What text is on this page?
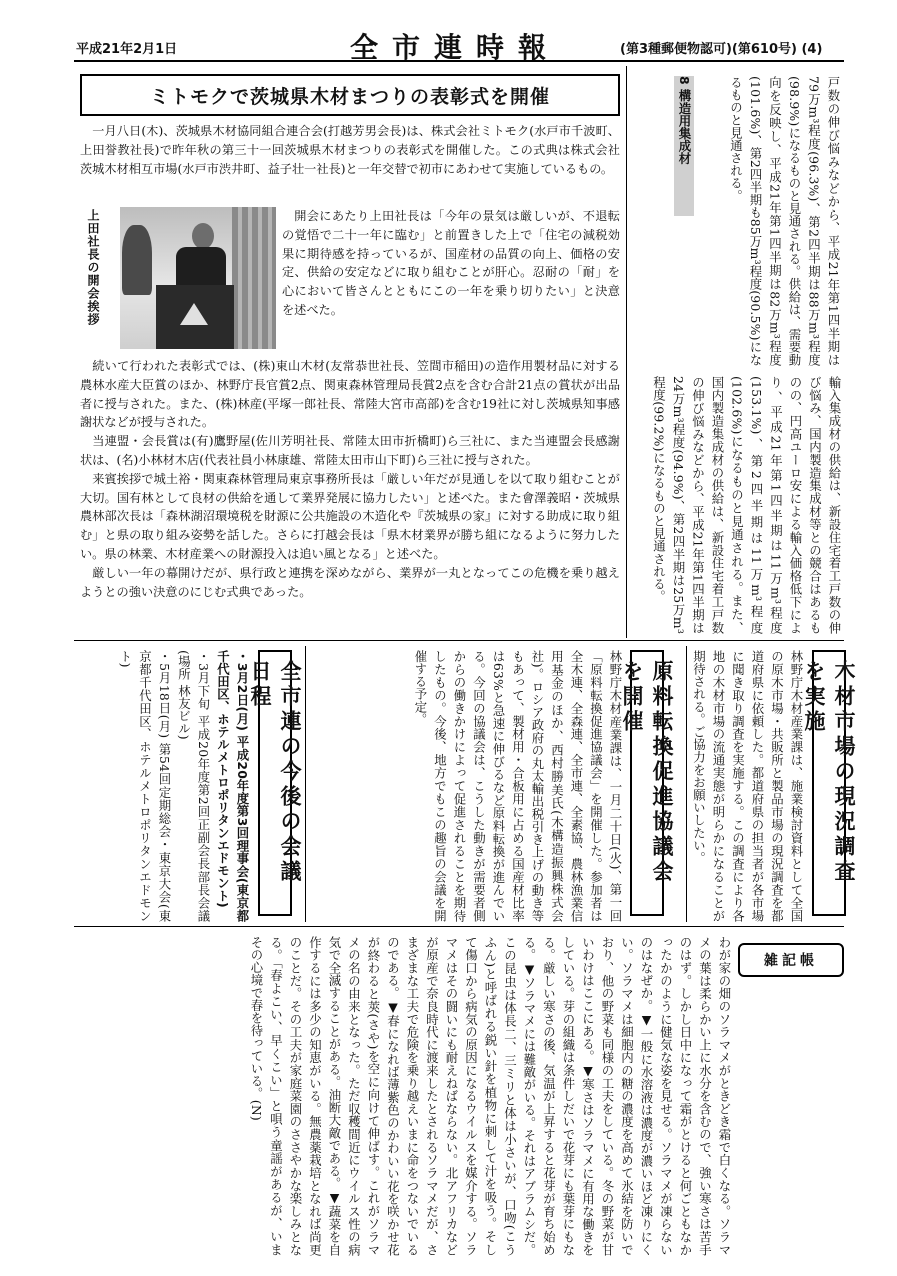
平成21年2月1日	全市連時報	(第3種郵便物認可)(第610号) (4)
ミトモクで茨城県木材まつりの表彰式を開催

一月八日(木)、茨城県木材協同組合連合会(打越芳男会長)は、株式会社ミトモク(水戸市千波町、上田誉教社長)で昨年秋の第三十一回茨城県木材まつりの表彰式を開催した。この式典は株式会社茨城木材相互市場(水戸市渋井町、益子壮一社長)と一年交替で初市にあわせて実施しているもの。

上田社長の開会挨拶	開会にあたり上田社長は「今年の景気は厳しいが、不退転の覚悟で二十一年に臨む」と前置きした上で「住宅の減税効果に期待感を持っているが、国産材の品質の向上、価格の安定、供給の安定などに取り組むことが肝心。忍耐の「耐」を心において皆さんとともにこの一年を乗り切りたい」と決意を述べた。

続いて行われた表彰式では、(株)東山木材(友常恭世社長、笠間市稲田)の造作用製材品に対する農林水産大臣賞のほか、林野庁長官賞2点、関東森林管理局長賞2点を含む合計21点の賞状が出品者に授与された。また、(株)林産(平塚一郎社長、常陸大宮市高部)を含む19社に対し茨城県知事感謝状などが授与された。

当連盟・会長賞は(有)鷹野屋(佐川芳明社長、常陸太田市折橋町)ら三社に、また当連盟会長感謝状は、(名)小林材木店(代表社員小林康雄、常陸太田市山下町)ら三社に授与された。

来賓挨拶で城土裕・関東森林管理局東京事務所長は「厳しい年だが見通しを以て取り組むことが大切。国有林として良材の供給を通して業界発展に協力したい」と述べた。また會澤義昭・茨城県農林部次長は「森林湖沼環境税を財源に公共施設の木造化や『茨城県の家』に対する助成に取り組む」と県の取り組み姿勢を話した。さらに打越会長は「県木材業界が勝ち組になるように努力したい。県の林業、木材産業への財源投入は追い風となる」と述べた。

厳しい一年の幕開けだが、県行政と連携を深めながら、業界が一丸となってこの危機を乗り越えようとの強い決意のにじむ式典であった。

戸数の伸び悩みなどから、平成21年第1四半期は79万m³程度(96.3%)、第2四半期は88万m³程度(98.9%)になるものと見通される。供給は、需要動向を反映し、平成21年第1四半期は82万m³程度(101.6%)、第2四半期も85万m³程度(90.5%)になるものと見通される。
8 構造用集成材
輸入集成材の供給は、新設住宅着工戸数の伸び悩み、国内製造集成材等との競合はあるものの、円高ユーロ安による輸入価格低下により、平成21年第1四半期は11万m³程度(153.1%)、第2四半期は11万m³程度(102.6%)になるものと見通される。また、国内製造集成材の供給は、新設住宅着工戸数の伸び悩みなどから、平成21年第1四半期は24万m³程度(94.9%)、第2四半期は25万m³程度(99.2%)になるものと見通される。
木材市場の現況調査を実施
林野庁木材産業課は、施業検討資料として全国の原木市場・共販所と製品市場の現況調査を都道府県に依頼した。都道府県の担当者が各市場に聞き取り調査を実施する。この調査により各地の木材市場の流通実態が明らかになることが期待される。ご協力をお願いしたい。
原料転換促進協議会を開催
林野庁木材産業課は、一月二十日(火)、第一回「原料転換促進協議会」を開催した。参加者は全木連、全森連、全市連、全素協、農林漁業信用基金のほか、西村勝美氏(木構造振興株式会社)。ロシア政府の丸太輸出税引き上げの動き等もあって、製材用・合板用に占める国産材比率は63%と急速に伸びるなど原料転換が進んでいる。今回の協議会は、こうした動きが需要者側からの働きかけによって促進されることを期待したもの。今後、地方でもこの趣旨の会議を開催する予定。
全市連の今後の会議日程
・3月2日(月) 平成20年度第3回理事会(東京都千代田区、ホテルメトロポリタンエドモント)
・3月下旬 平成20年度第2回正副会長部長会議(場所 林友ビル)
・5月18日(月) 第54回定期総会・東京大会(東京都千代田区、ホテルメトロポリタンエドモント)
雑記帳
わが家の畑のソラマメがときどき霜で白くなる。ソラマメの葉は柔らかい上に水分を含むので、強い寒さは苦手のはず。しかし日中になって霜がとけると何ごともなかったかのように健気な姿を見せる。ソラマメが凍らないのはなぜか。▼一般に水溶液は濃度が濃いほど凍りにくい。ソラマメは細胞内の糖の濃度を高めて氷結を防いでおり、他の野菜も同様の工夫をしている。冬の野菜が甘いわけはここにある。▼寒さはソラマメに有用な働きをしている。芽の組織は条件しだいで花芽にも葉芽にもなる。厳しい寒さの後、気温が上昇すると花芽が育ち始める。▼ソラマメには難敵がいる。それはアブラムシだ。この昆虫は体長二、三ミリと体は小さいが、口吻(こうふん)と呼ばれる鋭い針を植物に刺して汁を吸う。そして傷口から病気の原因になるウイルスを媒介する。ソラマメはその闘いにも耐えねばならない。北アフリカなどが原産で奈良時代に渡来したとされるソラマメだが、さまざまな工夫で危険を乗り越えいまに命をつないでいるのである。▼春になれば薄紫色のかわいい花を咲かせ花が終わると莢(さや)を空に向けて伸ばす。これがソラマメの名の由来となった。ただ収穫間近にウイルス性の病気で全滅することがある。油断大敵である。▼蔬菜を自作するには多少の知恵がいる。無農薬栽培となれば尚更のことだ。その工夫が家庭菜園のささやかな楽しみとなる。「春よこい、早くこい」と唄う童謡があるが、いまその心境で春を待っている。(N)
